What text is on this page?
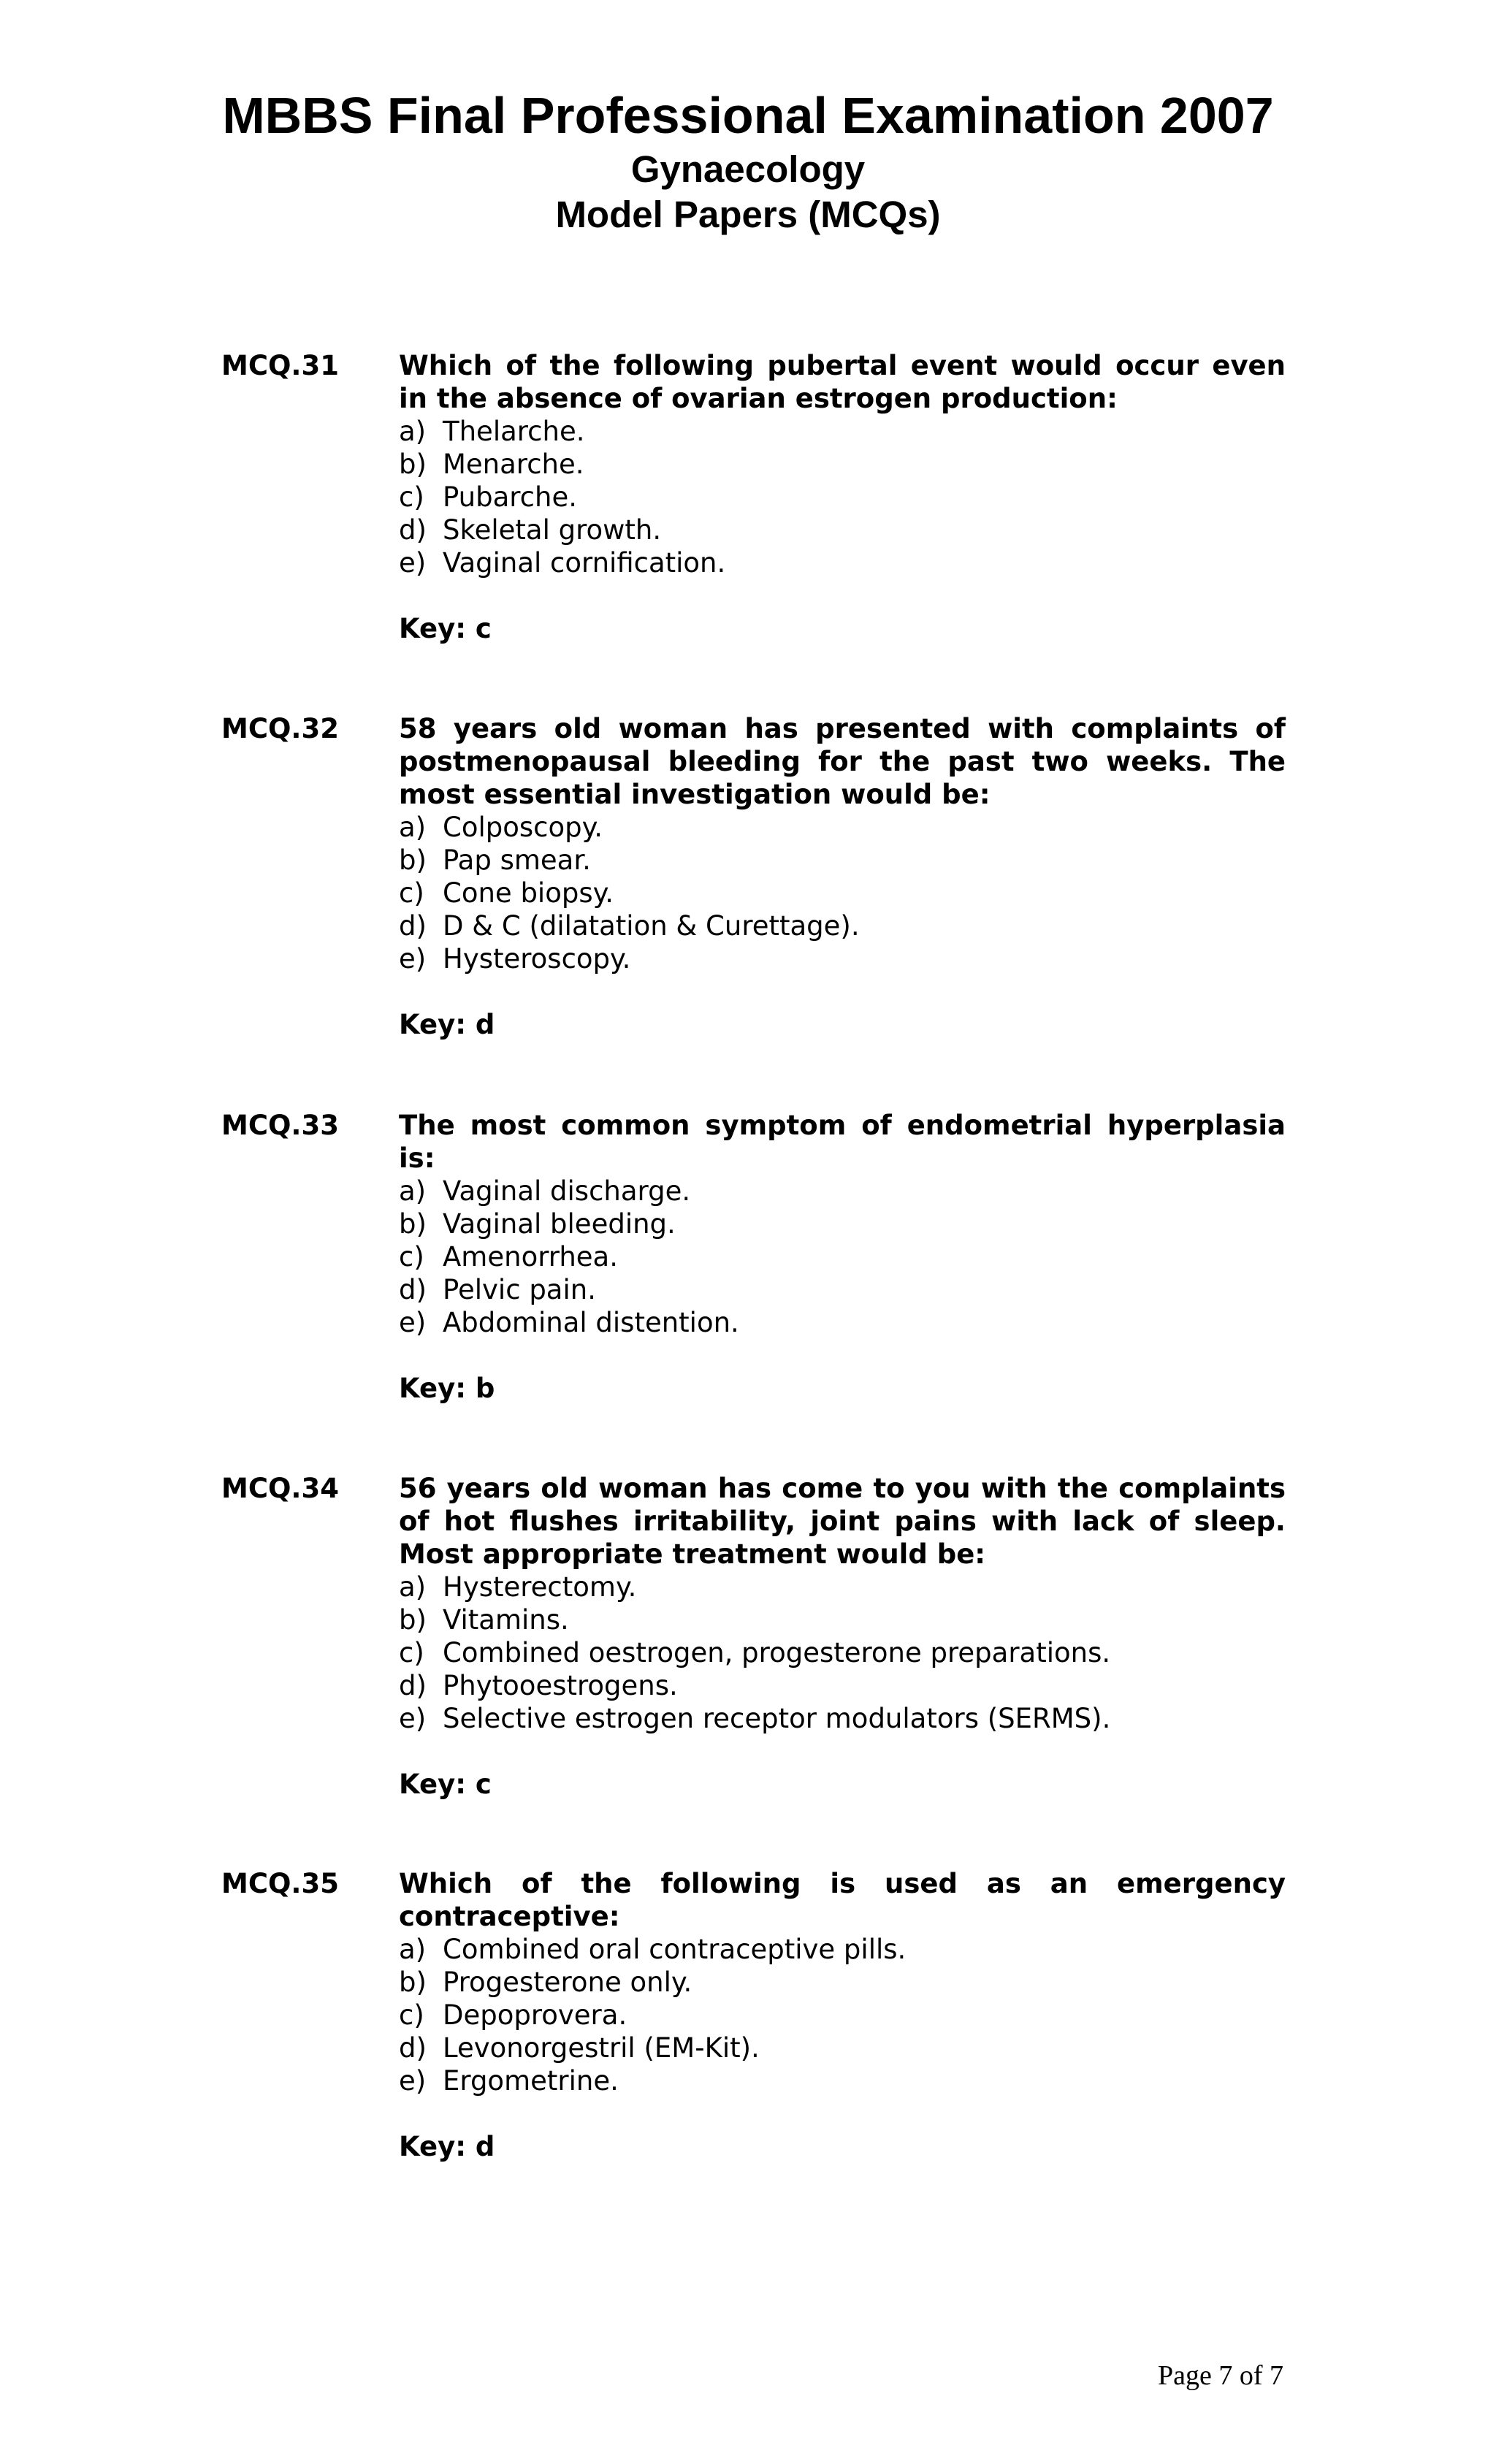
MBBS Final Professional Examination 2007
Gynaecology
Model Papers (MCQs)
MCQ.31 Which of the following pubertal event would occur even in the absence of ovarian estrogen production:
a) Thelarche.
b) Menarche.
c) Pubarche.
d) Skeletal growth.
e) Vaginal cornification.
Key: c
MCQ.32 58 years old woman has presented with complaints of postmenopausal bleeding for the past two weeks. The most essential investigation would be:
a) Colposcopy.
b) Pap smear.
c) Cone biopsy.
d) D & C (dilatation & Curettage).
e) Hysteroscopy.
Key: d
MCQ.33 The most common symptom of endometrial hyperplasia is:
a) Vaginal discharge.
b) Vaginal bleeding.
c) Amenorrhea.
d) Pelvic pain.
e) Abdominal distention.
Key: b
MCQ.34 56 years old woman has come to you with the complaints of hot flushes irritability, joint pains with lack of sleep. Most appropriate treatment would be:
a) Hysterectomy.
b) Vitamins.
c) Combined oestrogen, progesterone preparations.
d) Phytooestrogens.
e) Selective estrogen receptor modulators (SERMS).
Key: c
MCQ.35 Which of the following is used as an emergency contraceptive:
a) Combined oral contraceptive pills.
b) Progesterone only.
c) Depoprovera.
d) Levonorgestril (EM-Kit).
e) Ergometrine.
Key: d
Page 7 of 7
